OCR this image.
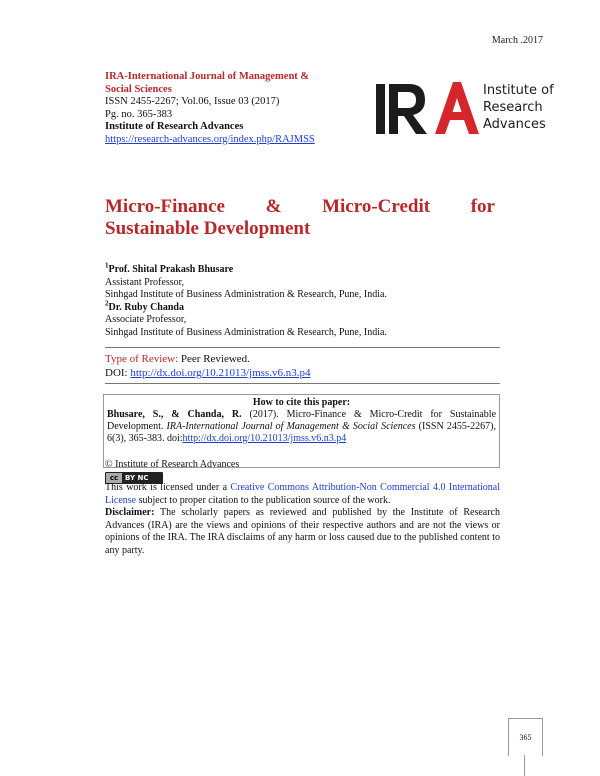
March .2017
IRA-International Journal of Management & Social Sciences
ISSN 2455-2267; Vol.06, Issue 03 (2017)
Pg. no. 365-383
Institute of Research Advances
https://research-advances.org/index.php/RAJMSS
Institute of
Research
Advances
Micro-Finance & Micro-Credit for
Sustainable Development
$^1$Prof. Shital Prakash Bhusare
Assistant Professor,
Sinhgad Institute of Business Administration & Research, Pune, India.
$^2$Dr. Ruby Chanda
Associate Professor,
Sinhgad Institute of Business Administration & Research, Pune, India.
Type of Review: Peer Reviewed.
DOI: http://dx.doi.org/10.21013/jmss.v6.n3.p4
How to cite this paper:
Bhusare, S., & Chanda, R. (2017). Micro-Finance & Micro-Credit for Sustainable Development. IRA-International Journal of Management & Social Sciences (ISSN 2455-2267), 6(3), 365-383. doi:http://dx.doi.org/10.21013/jmss.v6.n3.p4
© Institute of Research Advances
cc BY NC
This work is licensed under a Creative Commons Attribution-Non Commercial 4.0 International License subject to proper citation to the publication source of the work.
Disclaimer: The scholarly papers as reviewed and published by the Institute of Research Advances (IRA) are the views and opinions of their respective authors and are not the views or opinions of the IRA. The IRA disclaims of any harm or loss caused due to the published content to any party.
365
